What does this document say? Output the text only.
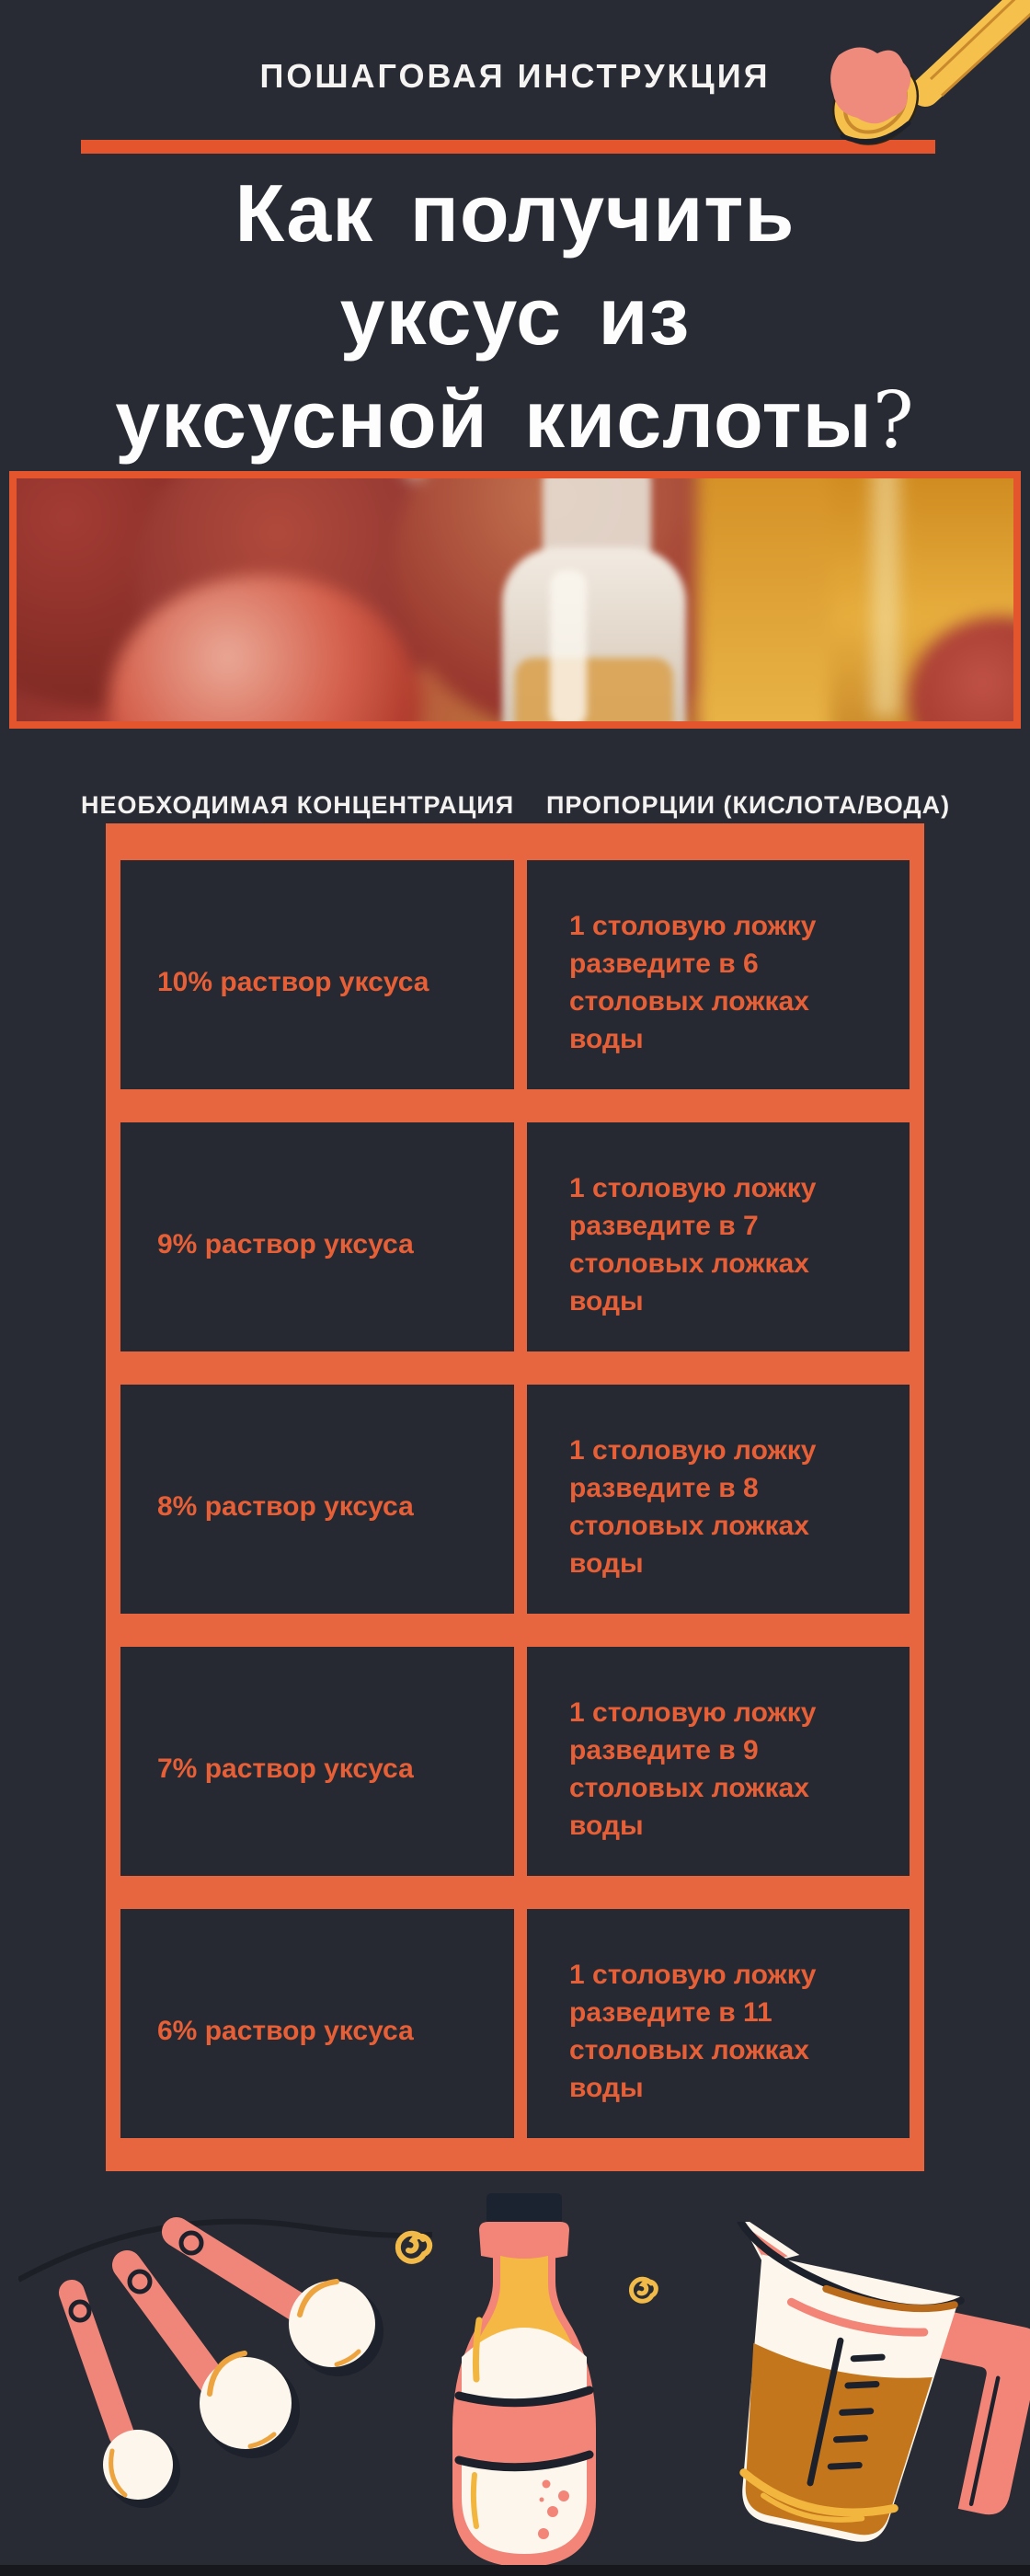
ПОШАГОВАЯ ИНСТРУКЦИЯ
Как получить
уксус из
уксусной кислоты?
НЕОБХОДИМАЯ КОНЦЕНТРАЦИЯ ПРОПОРЦИИ (КИСЛОТА/ВОДА)
10% раствор уксуса
1 столовую ложку разведите в 6 столовых ложках воды
9% раствор уксуса
1 столовую ложку разведите в 7 столовых ложках воды
8% раствор уксуса
1 столовую ложку разведите в 8 столовых ложках воды
7% раствор уксуса
1 столовую ложку разведите в 9 столовых ложках воды
6% раствор уксуса
1 столовую ложку разведите в 11 столовых ложках воды
